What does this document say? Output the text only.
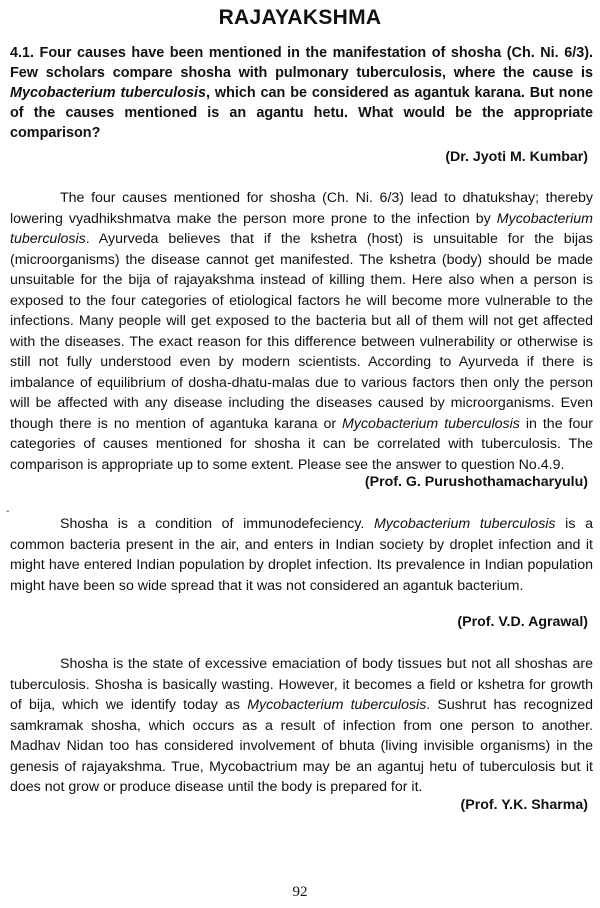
RAJAYAKSHMA

4.1. Four causes have been mentioned in the manifestation of shosha (Ch. Ni. 6/3). Few scholars compare shosha with pulmonary tuberculosis, where the cause is Mycobacterium tuberculosis, which can be considered as agantuk karana. But none of the causes mentioned is an agantu hetu. What would be the appropriate comparison?

(Dr. Jyoti M. Kumbar)

The four causes mentioned for shosha (Ch. Ni. 6/3) lead to dhatukshay; thereby lowering vyadhikshmatva make the person more prone to the infection by Mycobacterium tuberculosis. Ayurveda believes that if the kshetra (host) is unsuitable for the bijas (microorganisms) the disease cannot get manifested. The kshetra (body) should be made unsuitable for the bija of rajayakshma instead of killing them. Here also when a person is exposed to the four categories of etiological factors he will become more vulnerable to the infections. Many people will get exposed to the bacteria but all of them will not get affected with the diseases. The exact reason for this difference between vulnerability or otherwise is still not fully understood even by modern scientists. According to Ayurveda if there is imbalance of equilibrium of dosha-dhatu-malas due to various factors then only the person will be affected with any disease including the diseases caused by microorganisms. Even though there is no mention of agantuka karana or Mycobacterium tuberculosis in the four categories of causes mentioned for shosha it can be correlated with tuberculosis. The comparison is appropriate up to some extent. Please see the answer to question No.4.9.

(Prof. G. Purushothamacharyulu)
-

Shosha is a condition of immunodefeciency. Mycobacterium tuberculosis is a common bacteria present in the air, and enters in Indian society by droplet infection and it might have entered Indian population by droplet infection. Its prevalence in Indian population might have been so wide spread that it was not considered an agantuk bacterium.

(Prof. V.D. Agrawal)

Shosha is the state of excessive emaciation of body tissues but not all shoshas are tuberculosis. Shosha is basically wasting. However, it becomes a field or kshetra for growth of bija, which we identify today as Mycobacterium tuberculosis. Sushrut has recognized samkramak shosha, which occurs as a result of infection from one person to another. Madhav Nidan too has considered involvement of bhuta (living invisible organisms) in the genesis of rajayakshma. True, Mycobactrium may be an agantuj hetu of tuberculosis but it does not grow or produce disease until the body is prepared for it.

(Prof. Y.K. Sharma)
92
